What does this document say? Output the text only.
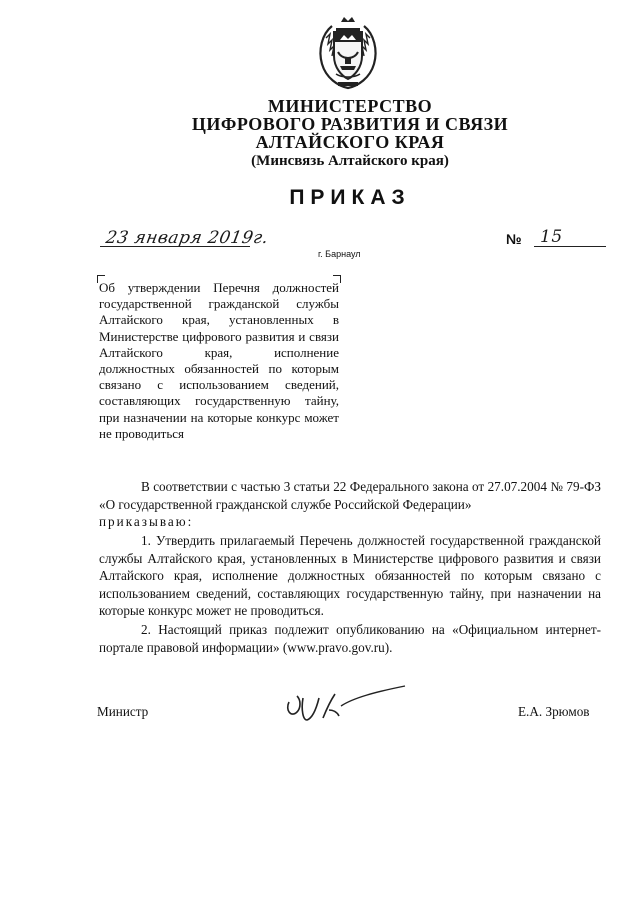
МИНИСТЕРСТВО
ЦИФРОВОГО РАЗВИТИЯ И СВЯЗИ
АЛТАЙСКОГО КРАЯ
(Минсвязь Алтайского края)
ПРИКАЗ
23 января 2019г.
г. Барнаул
№ 15
Об утверждении Перечня должностей государственной гражданской службы Алтайского края, установленных в Министерстве цифрового развития и связи Алтайского края, исполнение должностных обязанностей по которым связано с использованием сведений, составляющих государственную тайну, при назначении на которые конкурс может не проводиться

В соответствии с частью 3 статьи 22 Федерального закона от 27.07.2004 № 79-ФЗ «О государственной гражданской службе Российской Федерации»

приказываю:

1. Утвердить прилагаемый Перечень должностей государственной гражданской службы Алтайского края, установленных в Министерстве цифрового развития и связи Алтайского края, исполнение должностных обязанностей по которым связано с использованием сведений, составляющих государственную тайну, при назначении на которые конкурс может не проводиться.

2. Настоящий приказ подлежит опубликованию на «Официальном интернет-портале правовой информации» (www.pravo.gov.ru).

Министр	Е.А. Зрюмов
